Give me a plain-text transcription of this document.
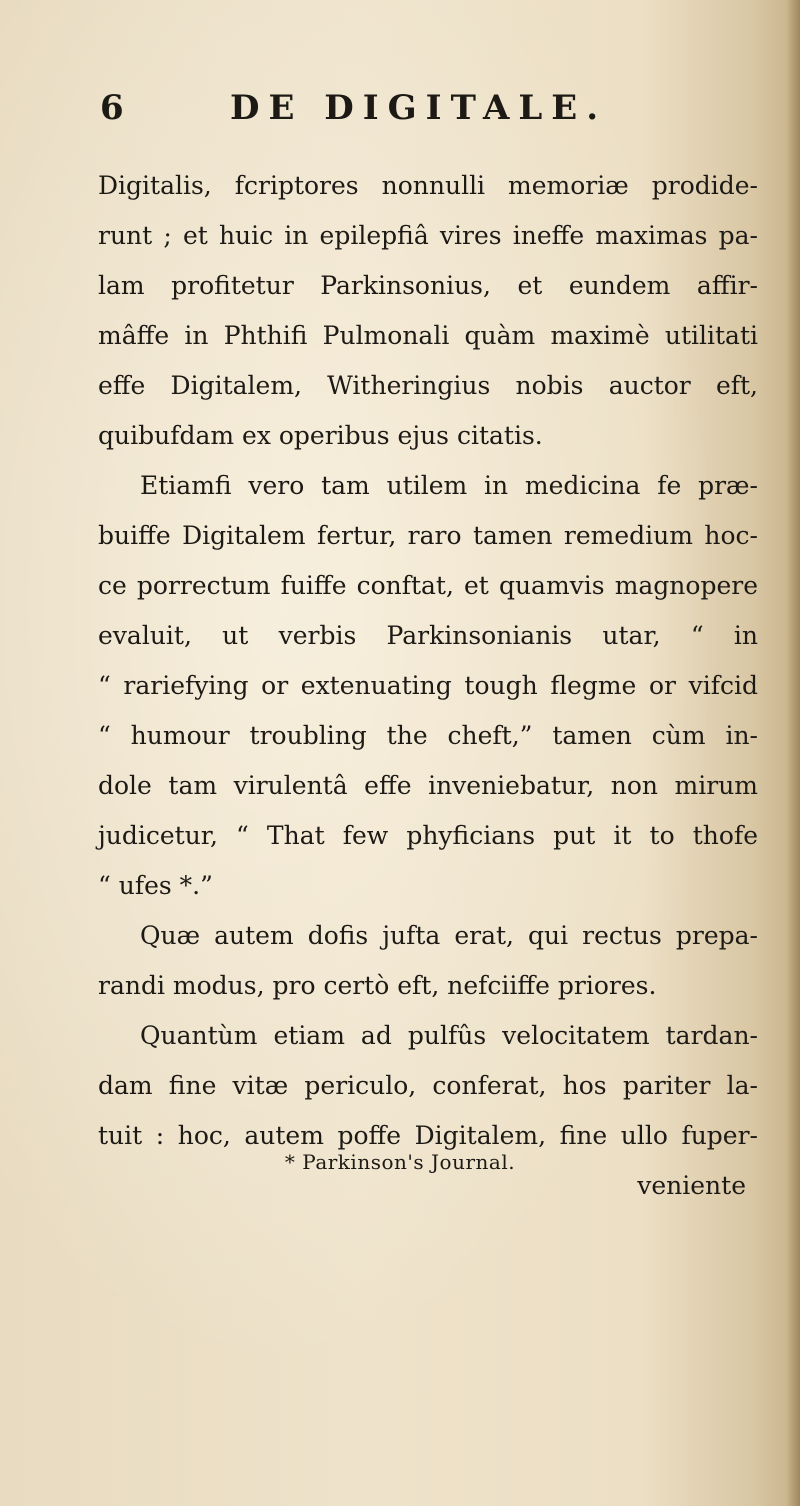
6	DE DIGITALE.
Digitalis, fcriptores nonnulli memoriæ prodide-
runt ; et huic in epilepfiâ vires ineffe maximas pa-
lam profitetur Parkinsonius, et eundem affir-
mâffe in Phthifi Pulmonali quàm maximè utilitati
effe Digitalem, Witheringius nobis auctor eft,
quibufdam ex operibus ejus citatis.
Etiamfi vero tam utilem in medicina fe præ-
buiffe Digitalem fertur, raro tamen remedium hoc-
ce porrectum fuiffe conftat, et quamvis magnopere
evaluit, ut verbis Parkinsonianis utar, “ in
“ rariefying or extenuating tough flegme or vifcid
“ humour troubling the cheft,” tamen cùm in-
dole tam virulentâ effe inveniebatur, non mirum
judicetur, “ That few phyficians put it to thofe
“ ufes *.”
Quæ autem dofis jufta erat, qui rectus prepa-
randi modus, pro certò eft, nefciiffe priores.
Quantùm etiam ad pulfûs velocitatem tardan-
dam fine vitæ periculo, conferat, hos pariter la-
tuit : hoc, autem poffe Digitalem, fine ullo fuper-
veniente
* Parkinson's Journal.
